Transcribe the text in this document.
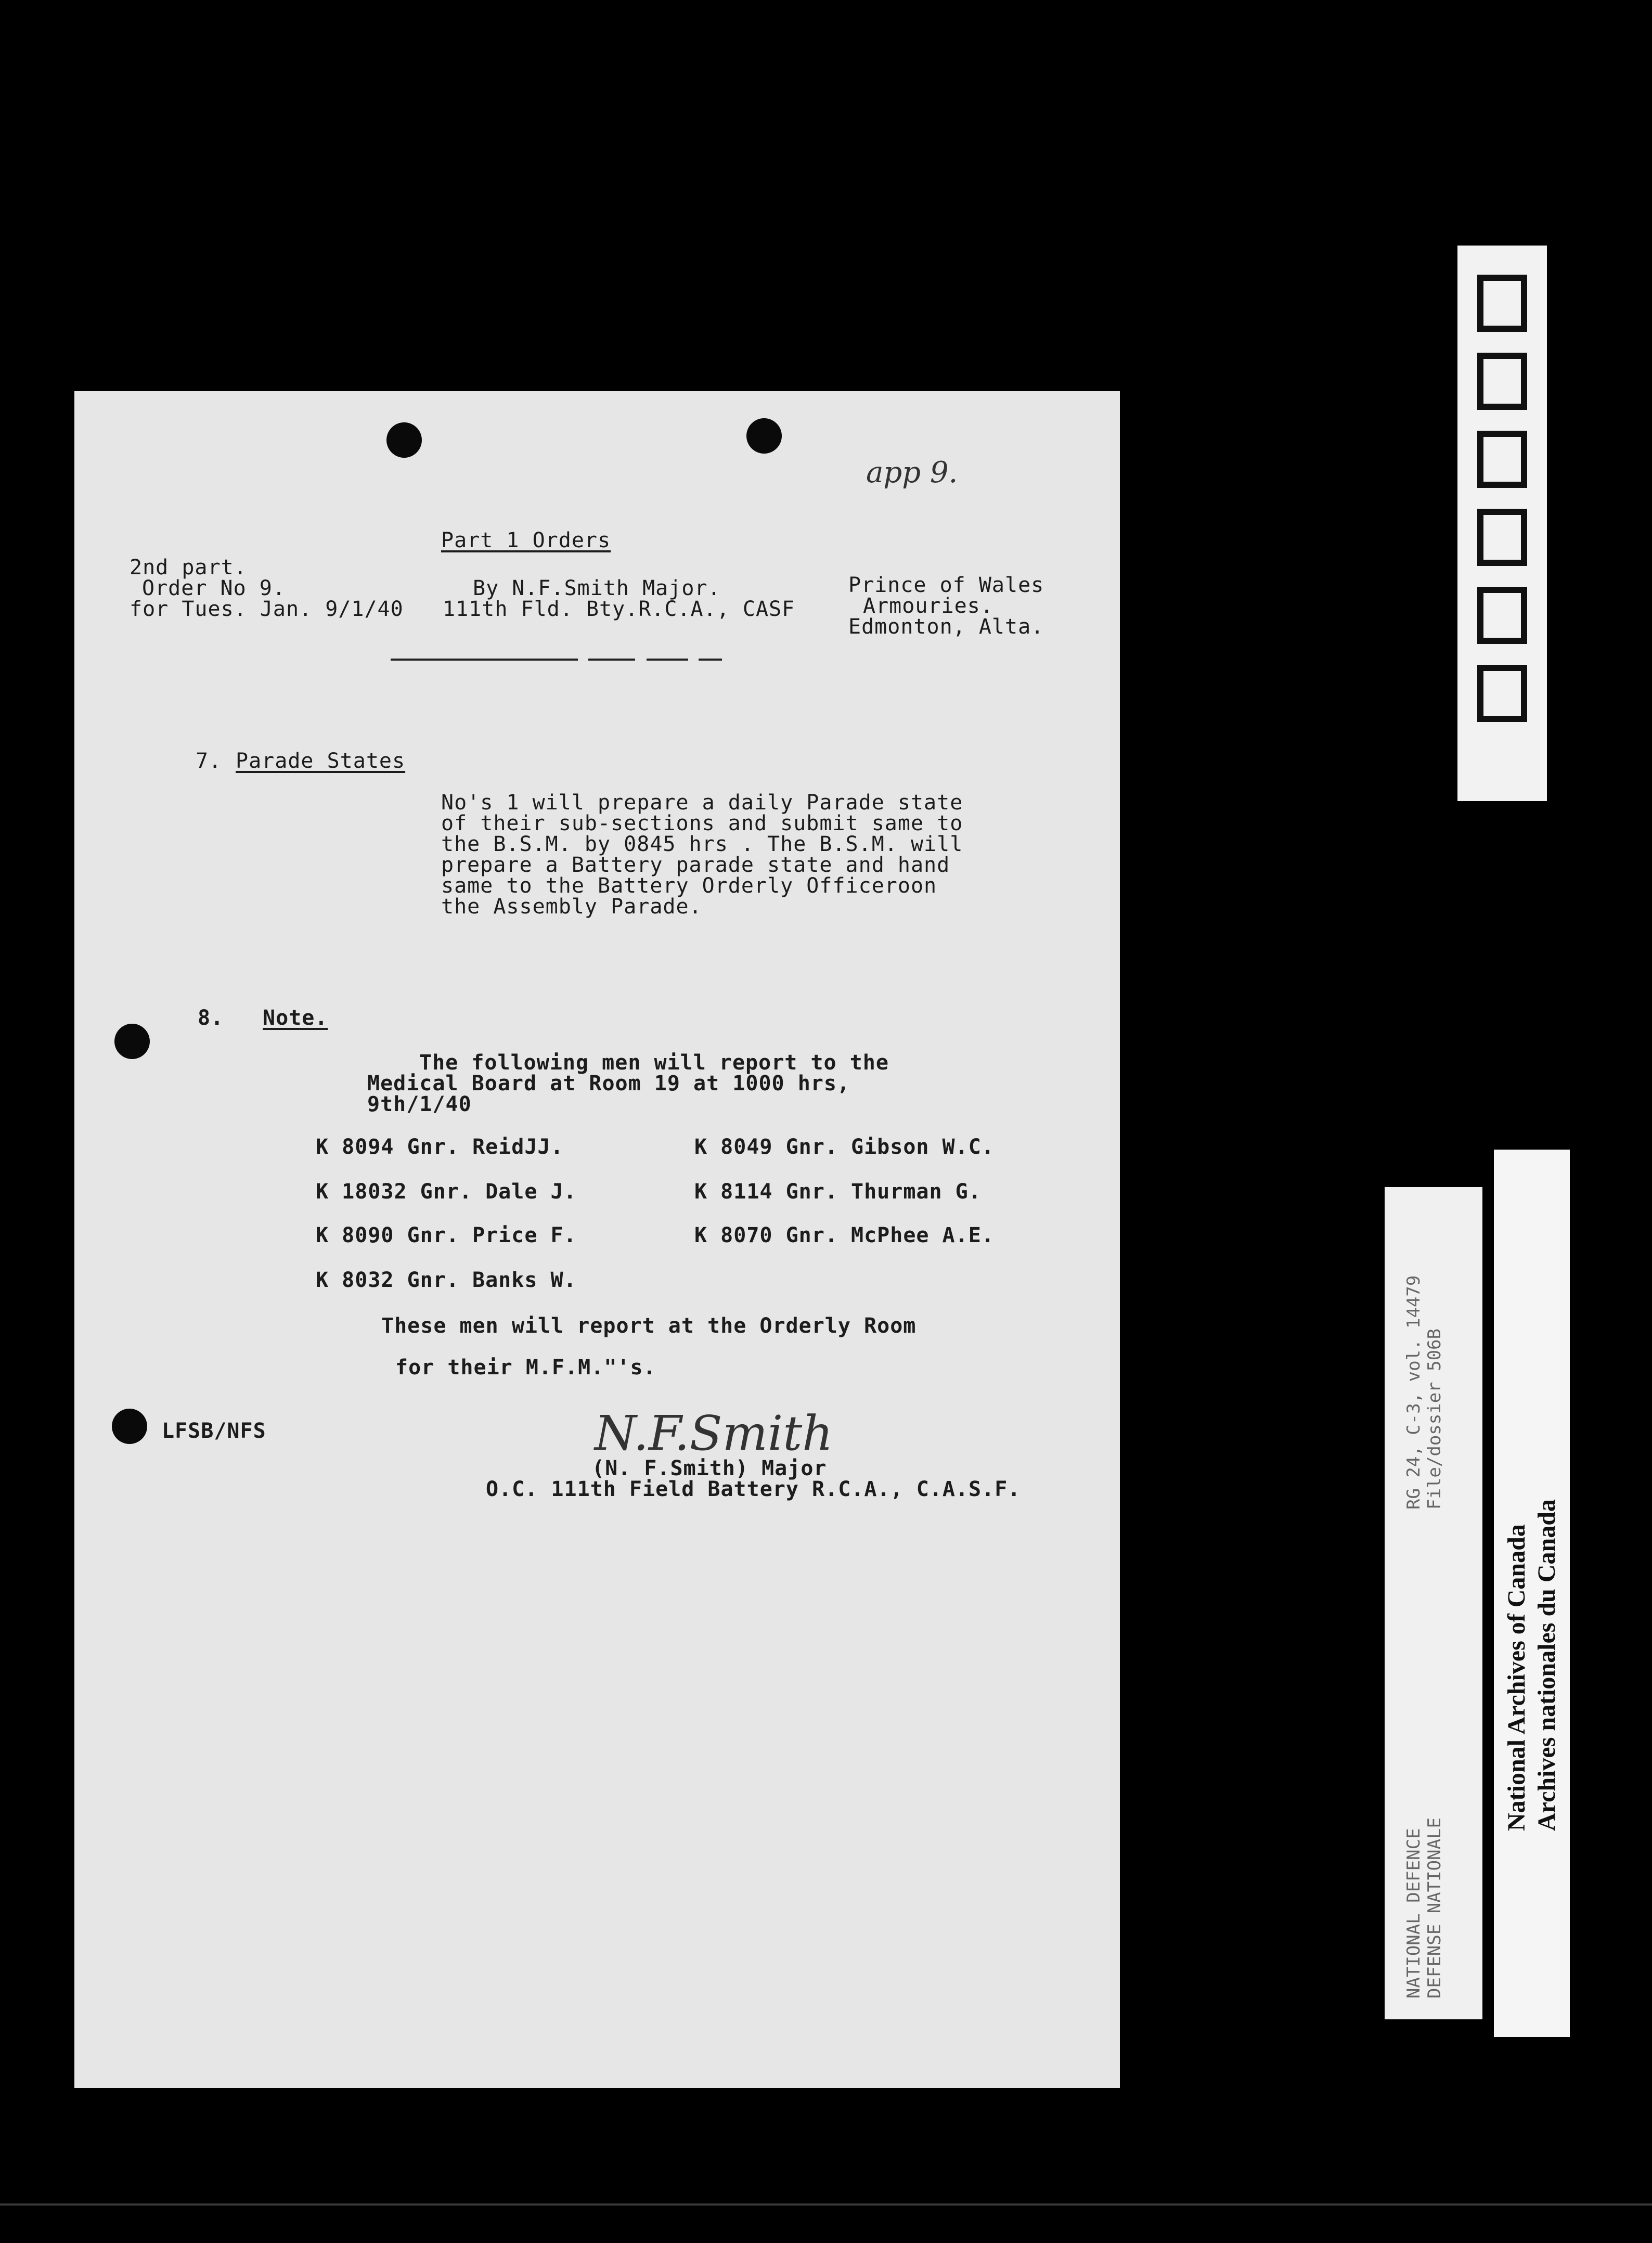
app 9.
Part 1 Orders
2nd part.
Order No 9.
for Tues. Jan. 9/1/40
By N.F.Smith Major.
111th Fld. Bty.R.C.A., CASF
Prince of Wales
Armouries.
Edmonton, Alta.
7. Parade States
No's 1 will prepare a daily Parade state
of their sub-sections and submit same to
the B.S.M. by 0845 hrs . The B.S.M. will
prepare a Battery parade state and hand
same to the Battery Orderly Officeroon
the Assembly Parade.
8. Note.
The following men will report to the
Medical Board at Room 19 at 1000 hrs,
9th/1/40
K 8094 Gnr. ReidJJ.
K 18032 Gnr. Dale J.
K 8090 Gnr. Price F.
K 8032 Gnr. Banks W.
K 8049 Gnr. Gibson W.C.
K 8114 Gnr. Thurman G.
K 8070 Gnr. McPhee A.E.
These men will report at the Orderly Room
for their M.F.M."'s.
LFSB/NFS	N.F.Smith
(N. F.Smith) Major
O.C. 111th Field Battery R.C.A., C.A.S.F.	RG 24, C-3, vol. 14479 File/dossier 506B
NATIONAL DEFENCE DEFENSE NATIONALE
National Archives of Canada Archives nationales du Canada
